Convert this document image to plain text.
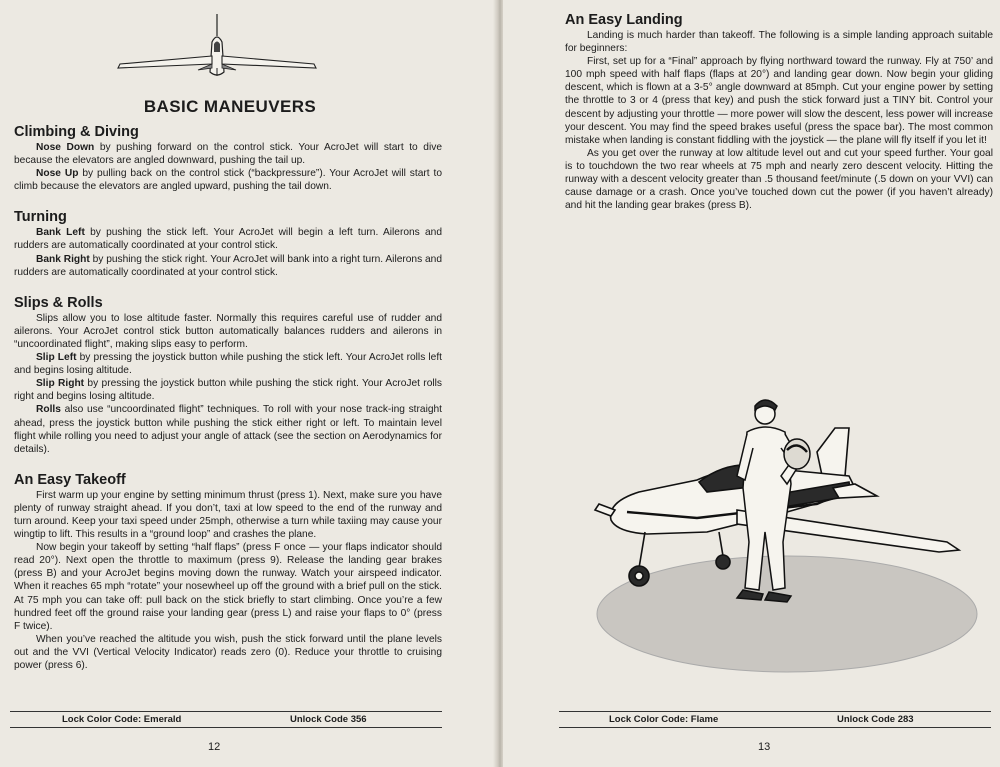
BASIC MANEUVERS
Climbing & Diving

Nose Down by pushing forward on the control stick. Your AcroJet will start to dive because the elevators are angled downward, pushing the tail up.

Nose Up by pulling back on the control stick (“backpressure”). Your AcroJet will start to climb because the elevators are angled upward, pushing the tail down.

Turning

Bank Left by pushing the stick left. Your AcroJet will begin a left turn. Ailerons and rudders are automatically coordinated at your control stick.

Bank Right by pushing the stick right. Your AcroJet will bank into a right turn. Ailerons and rudders are automatically coordinated at your control stick.

Slips & Rolls

Slips allow you to lose altitude faster. Normally this requires careful use of rudder and ailerons. Your AcroJet control stick button automatically balances rudders and ailerons in “uncoordinated flight”, making slips easy to perform.

Slip Left by pressing the joystick button while pushing the stick left. Your AcroJet rolls left and begins losing altitude.

Slip Right by pressing the joystick button while pushing the stick right. Your AcroJet rolls right and begins losing altitude.

Rolls also use “uncoordinated flight” techniques. To roll with your nose track-ing straight ahead, press the joystick button while pushing the stick either right or left. To maintain level flight while rolling you need to adjust your angle of attack (see the section on Aerodynamics for details).

An Easy Takeoff

First warm up your engine by setting minimum thrust (press 1). Next, make sure you have plenty of runway straight ahead. If you don’t, taxi at low speed to the end of the runway and turn around. Keep your taxi speed under 25mph, otherwise a turn while taxiing may cause your wingtip to lift. This results in a “ground loop” and crashes the plane.

Now begin your takeoff by setting “half flaps” (press F once — your flaps indicator should read 20°). Next open the throttle to maximum (press 9). Release the landing gear brakes (press B) and your AcroJet begins moving down the runway. Watch your airspeed indicator. When it reaches 65 mph “rotate” your nosewheel up off the ground with a brief pull on the stick. At 75 mph you can take off: pull back on the stick briefly to start climbing. Once you’re a few hundred feet off the ground raise your landing gear (press L) and raise your flaps to 0° (press F twice).

When you’ve reached the altitude you wish, push the stick forward until the plane levels out and the VVI (Vertical Velocity Indicator) reads zero (0). Reduce your throttle to cruising power (press 6).

Lock Color Code: Emerald	Unlock Code 356
12
An Easy Landing

Landing is much harder than takeoff. The following is a simple landing approach suitable for beginners:

First, set up for a “Final” approach by flying northward toward the runway. Fly at 750’ and 100 mph speed with half flaps (flaps at 20°) and landing gear down. Now begin your gliding descent, which is flown at a 3-5° angle downward at 85mph. Cut your engine power by setting the throttle to 3 or 4 (press that key) and push the stick forward just a TINY bit. Control your descent by adjusting your throttle — more power will slow the descent, less power will increase your descent. You may find the speed brakes useful (press the space bar). The most common mistake when landing is constant fiddling with the joystick — the plane will fly itself if you let it!

As you get over the runway at low altitude level out and cut your speed further. Your goal is to touchdown the two rear wheels at 75 mph and nearly zero descent velocity. Hitting the runway with a descent velocity greater than .5 thousand feet/minute (.5 down on your VVI) can cause damage or a crash. Once you’ve touched down cut the power (if you haven’t already) and hit the landing gear brakes (press B).

Lock Color Code: Flame	Unlock Code 283
13
